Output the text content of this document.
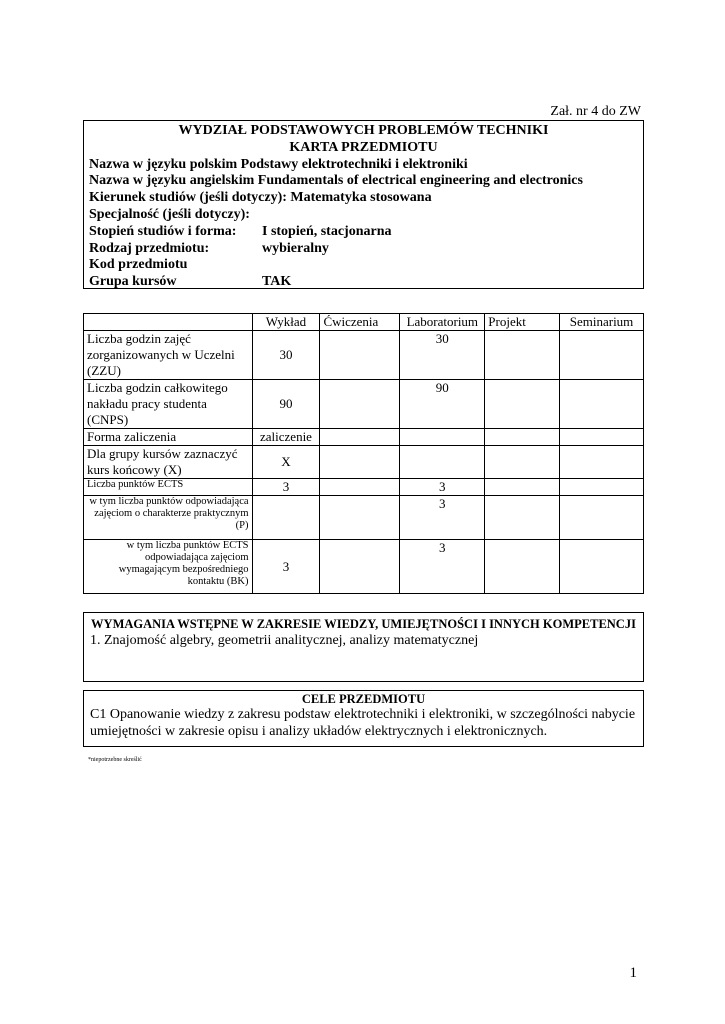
Zał. nr 4 do ZW
WYDZIAŁ PODSTAWOWYCH PROBLEMÓW TECHNIKI
KARTA PRZEDMIOTU
Nazwa w języku polskim Podstawy elektrotechniki i elektroniki
Nazwa w języku angielskim Fundamentals of electrical engineering and electronics
Kierunek studiów (jeśli dotyczy): Matematyka stosowana
Specjalność (jeśli dotyczy):
Stopień studiów i forma:	I stopień, stacjonarna
Rodzaj przedmiotu:	wybieralny
Kod przedmiotu
Grupa kursów	TAK
	Wykład	Ćwiczenia	Laboratorium	Projekt	Seminarium
Liczba godzin zajęć zorganizowanych w Uczelni (ZZU)	30		30		
Liczba godzin całkowitego nakładu pracy studenta (CNPS)	90		90		
Forma zaliczenia	zaliczenie				
Dla grupy kursów zaznaczyć kurs końcowy (X)	X				
Liczba punktów ECTS	3		3		
w tym liczba punktów odpowiadająca zajęciom o charakterze praktycznym (P)			3		
w tym liczba punktów ECTS odpowiadająca zajęciom wymagającym bezpośredniego kontaktu (BK)	3		3		
WYMAGANIA WSTĘPNE W ZAKRESIE WIEDZY, UMIEJĘTNOŚCI I INNYCH KOMPETENCJI
1. Znajomość algebry, geometrii analitycznej, analizy matematycznej
CELE PRZEDMIOTU
C1 Opanowanie wiedzy z zakresu podstaw elektrotechniki i elektroniki, w szczególności nabycie umiejętności w zakresie opisu i analizy układów elektrycznych i elektronicznych.
*niepotrzebne skreślić
1
